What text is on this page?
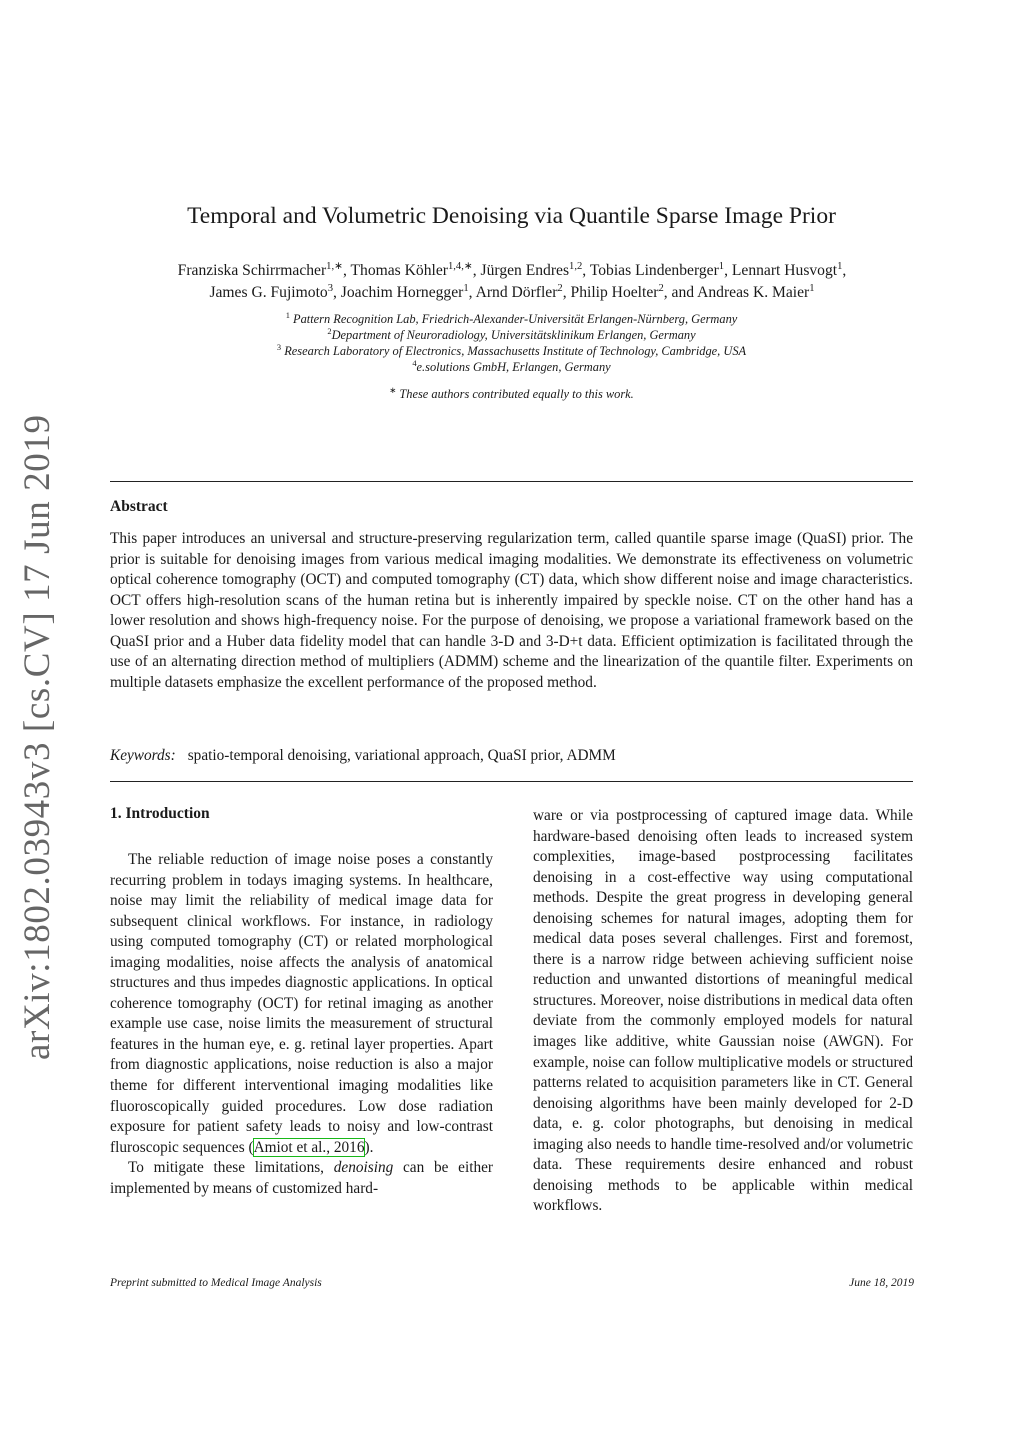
arXiv:1802.03943v3 [cs.CV] 17 Jun 2019
Temporal and Volumetric Denoising via Quantile Sparse Image Prior
Franziska Schirrmacher$^{1,∗}$, Thomas Köhler$^{1,4,∗}$, Jürgen Endres$^{1,2}$, Tobias Lindenberger$^1$, Lennart Husvogt$^1$,
James G. Fujimoto$^3$, Joachim Hornegger$^1$, Arnd Dörfler$^2$, Philip Hoelter$^2$, and Andreas K. Maier$^1$
$^1$ Pattern Recognition Lab, Friedrich-Alexander-Universität Erlangen-Nürnberg, Germany
$^2$Department of Neuroradiology, Universitätsklinikum Erlangen, Germany
$^3$ Research Laboratory of Electronics, Massachusetts Institute of Technology, Cambridge, USA
$^4$e.solutions GmbH, Erlangen, Germany
∗ These authors contributed equally to this work.
Abstract
This paper introduces an universal and structure-preserving regularization term, called quantile sparse image (QuaSI) prior. The prior is suitable for denoising images from various medical imaging modalities. We demonstrate its effectiveness on volumetric optical coherence tomography (OCT) and computed tomography (CT) data, which show different noise and image characteristics. OCT offers high-resolution scans of the human retina but is inherently impaired by speckle noise. CT on the other hand has a lower resolution and shows high-frequency noise. For the purpose of denoising, we propose a variational framework based on the QuaSI prior and a Huber data fidelity model that can handle 3-D and 3-D+t data. Efficient optimization is facilitated through the use of an alternating direction method of multipliers (ADMM) scheme and the linearization of the quantile filter. Experiments on multiple datasets emphasize the excellent performance of the proposed method.
Keywords: spatio-temporal denoising, variational approach, QuaSI prior, ADMM
1. Introduction

The reliable reduction of image noise poses a constantly recurring problem in todays imaging systems. In healthcare, noise may limit the reliability of medical image data for subsequent clinical workflows. For instance, in radiology using computed tomography (CT) or related morphological imaging modalities, noise affects the analysis of anatomical structures and thus impedes diagnostic applications. In optical coherence tomography (OCT) for retinal imaging as another example use case, noise limits the measurement of structural features in the human eye, e. g. retinal layer properties. Apart from diagnostic applications, noise reduction is also a major theme for different interventional imaging modalities like fluoroscopically guided procedures. Low dose radiation exposure for patient safety leads to noisy and low-contrast fluroscopic sequences (Amiot et al., 2016).

To mitigate these limitations, denoising can be either implemented by means of customized hard-

ware or via postprocessing of captured image data. While hardware-based denoising often leads to increased system complexities, image-based postprocessing facilitates denoising in a cost-effective way using computational methods. Despite the great progress in developing general denoising schemes for natural images, adopting them for medical data poses several challenges. First and foremost, there is a narrow ridge between achieving sufficient noise reduction and unwanted distortions of meaningful medical structures. Moreover, noise distributions in medical data often deviate from the commonly employed models for natural images like additive, white Gaussian noise (AWGN). For example, noise can follow multiplicative models or structured patterns related to acquisition parameters like in CT. General denoising algorithms have been mainly developed for 2-D data, e. g. color photographs, but denoising in medical imaging also needs to handle time-resolved and/or volumetric data. These requirements desire enhanced and robust denoising methods to be applicable within medical workflows.

Preprint submitted to Medical Image Analysis	June 18, 2019
